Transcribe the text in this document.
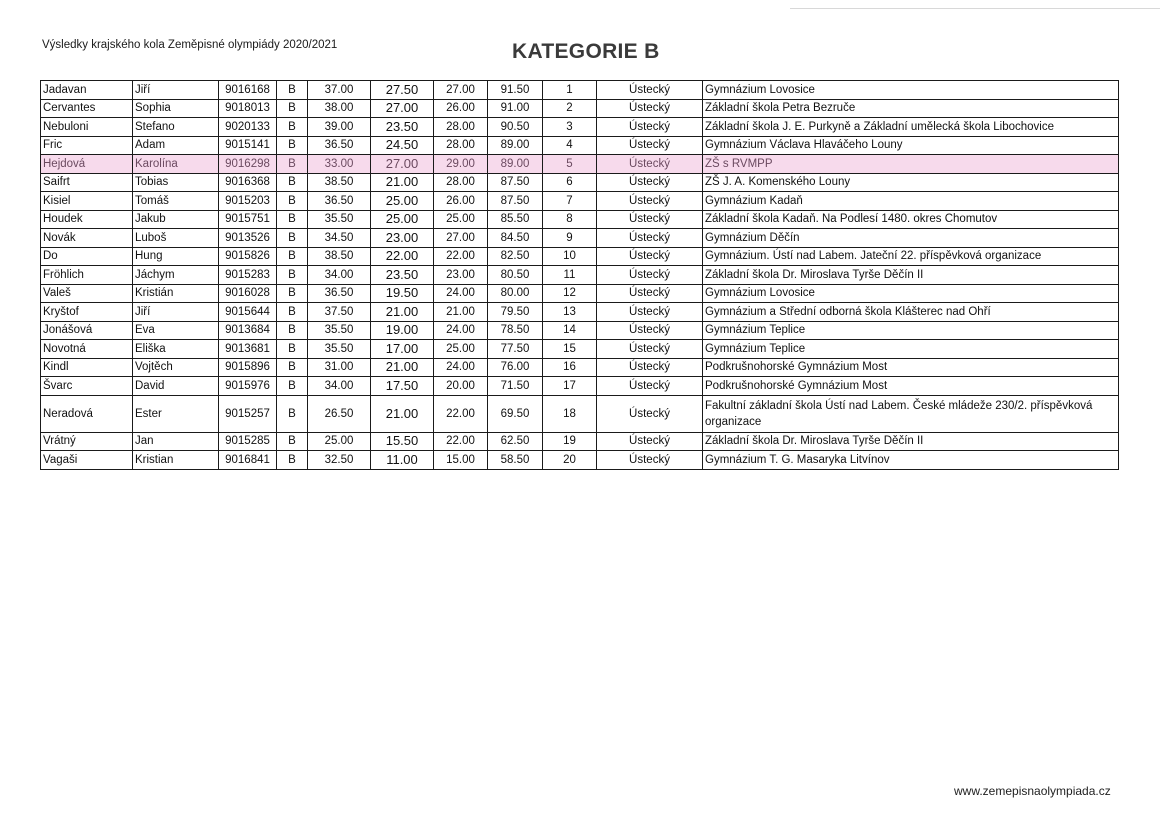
Výsledky krajského kola Zeměpisné olympiády 2020/2021	KATEGORIE B
Jadavan	Jiří	9016168	B	37.00	27.50	27.00	91.50	1	Ústecký	Gymnázium Lovosice
Cervantes	Sophia	9018013	B	38.00	27.00	26.00	91.00	2	Ústecký	Základní škola Petra Bezruče
Nebuloni	Stefano	9020133	B	39.00	23.50	28.00	90.50	3	Ústecký	Základní škola J. E. Purkyně a Základní umělecká škola Libochovice
Fric	Adam	9015141	B	36.50	24.50	28.00	89.00	4	Ústecký	Gymnázium Václava Hlaváčeho Louny
Hejdová	Karolína	9016298	B	33.00	27.00	29.00	89.00	5	Ústecký	ZŠ s RVMPP
Saifrt	Tobias	9016368	B	38.50	21.00	28.00	87.50	6	Ústecký	ZŠ J. A. Komenského Louny
Kisiel	Tomáš	9015203	B	36.50	25.00	26.00	87.50	7	Ústecký	Gymnázium Kadaň
Houdek	Jakub	9015751	B	35.50	25.00	25.00	85.50	8	Ústecký	Základní škola Kadaň. Na Podlesí 1480. okres Chomutov
Novák	Luboš	9013526	B	34.50	23.00	27.00	84.50	9	Ústecký	Gymnázium Děčín
Do	Hung	9015826	B	38.50	22.00	22.00	82.50	10	Ústecký	Gymnázium. Ústí nad Labem. Jateční 22. příspěvková organizace
Fröhlich	Jáchym	9015283	B	34.00	23.50	23.00	80.50	11	Ústecký	Základní škola Dr. Miroslava Tyrše Děčín II
Valeš	Kristián	9016028	B	36.50	19.50	24.00	80.00	12	Ústecký	Gymnázium Lovosice
Kryštof	Jiří	9015644	B	37.50	21.00	21.00	79.50	13	Ústecký	Gymnázium a Střední odborná škola Klášterec nad Ohří
Jonášová	Eva	9013684	B	35.50	19.00	24.00	78.50	14	Ústecký	Gymnázium Teplice
Novotná	Eliška	9013681	B	35.50	17.00	25.00	77.50	15	Ústecký	Gymnázium Teplice
Kindl	Vojtěch	9015896	B	31.00	21.00	24.00	76.00	16	Ústecký	Podkrušnohorské Gymnázium Most
Švarc	David	9015976	B	34.00	17.50	20.00	71.50	17	Ústecký	Podkrušnohorské Gymnázium Most
Neradová	Ester	9015257	B	26.50	21.00	22.00	69.50	18	Ústecký	Fakultní základní škola Ústí nad Labem. České mládeže 230/2. příspěvková organizace
Vrátný	Jan	9015285	B	25.00	15.50	22.00	62.50	19	Ústecký	Základní škola Dr. Miroslava Tyrše Děčín II
Vagaši	Kristian	9016841	B	32.50	11.00	15.00	58.50	20	Ústecký	Gymnázium T. G. Masaryka Litvínov
www.zemepisnaolympiada.cz
